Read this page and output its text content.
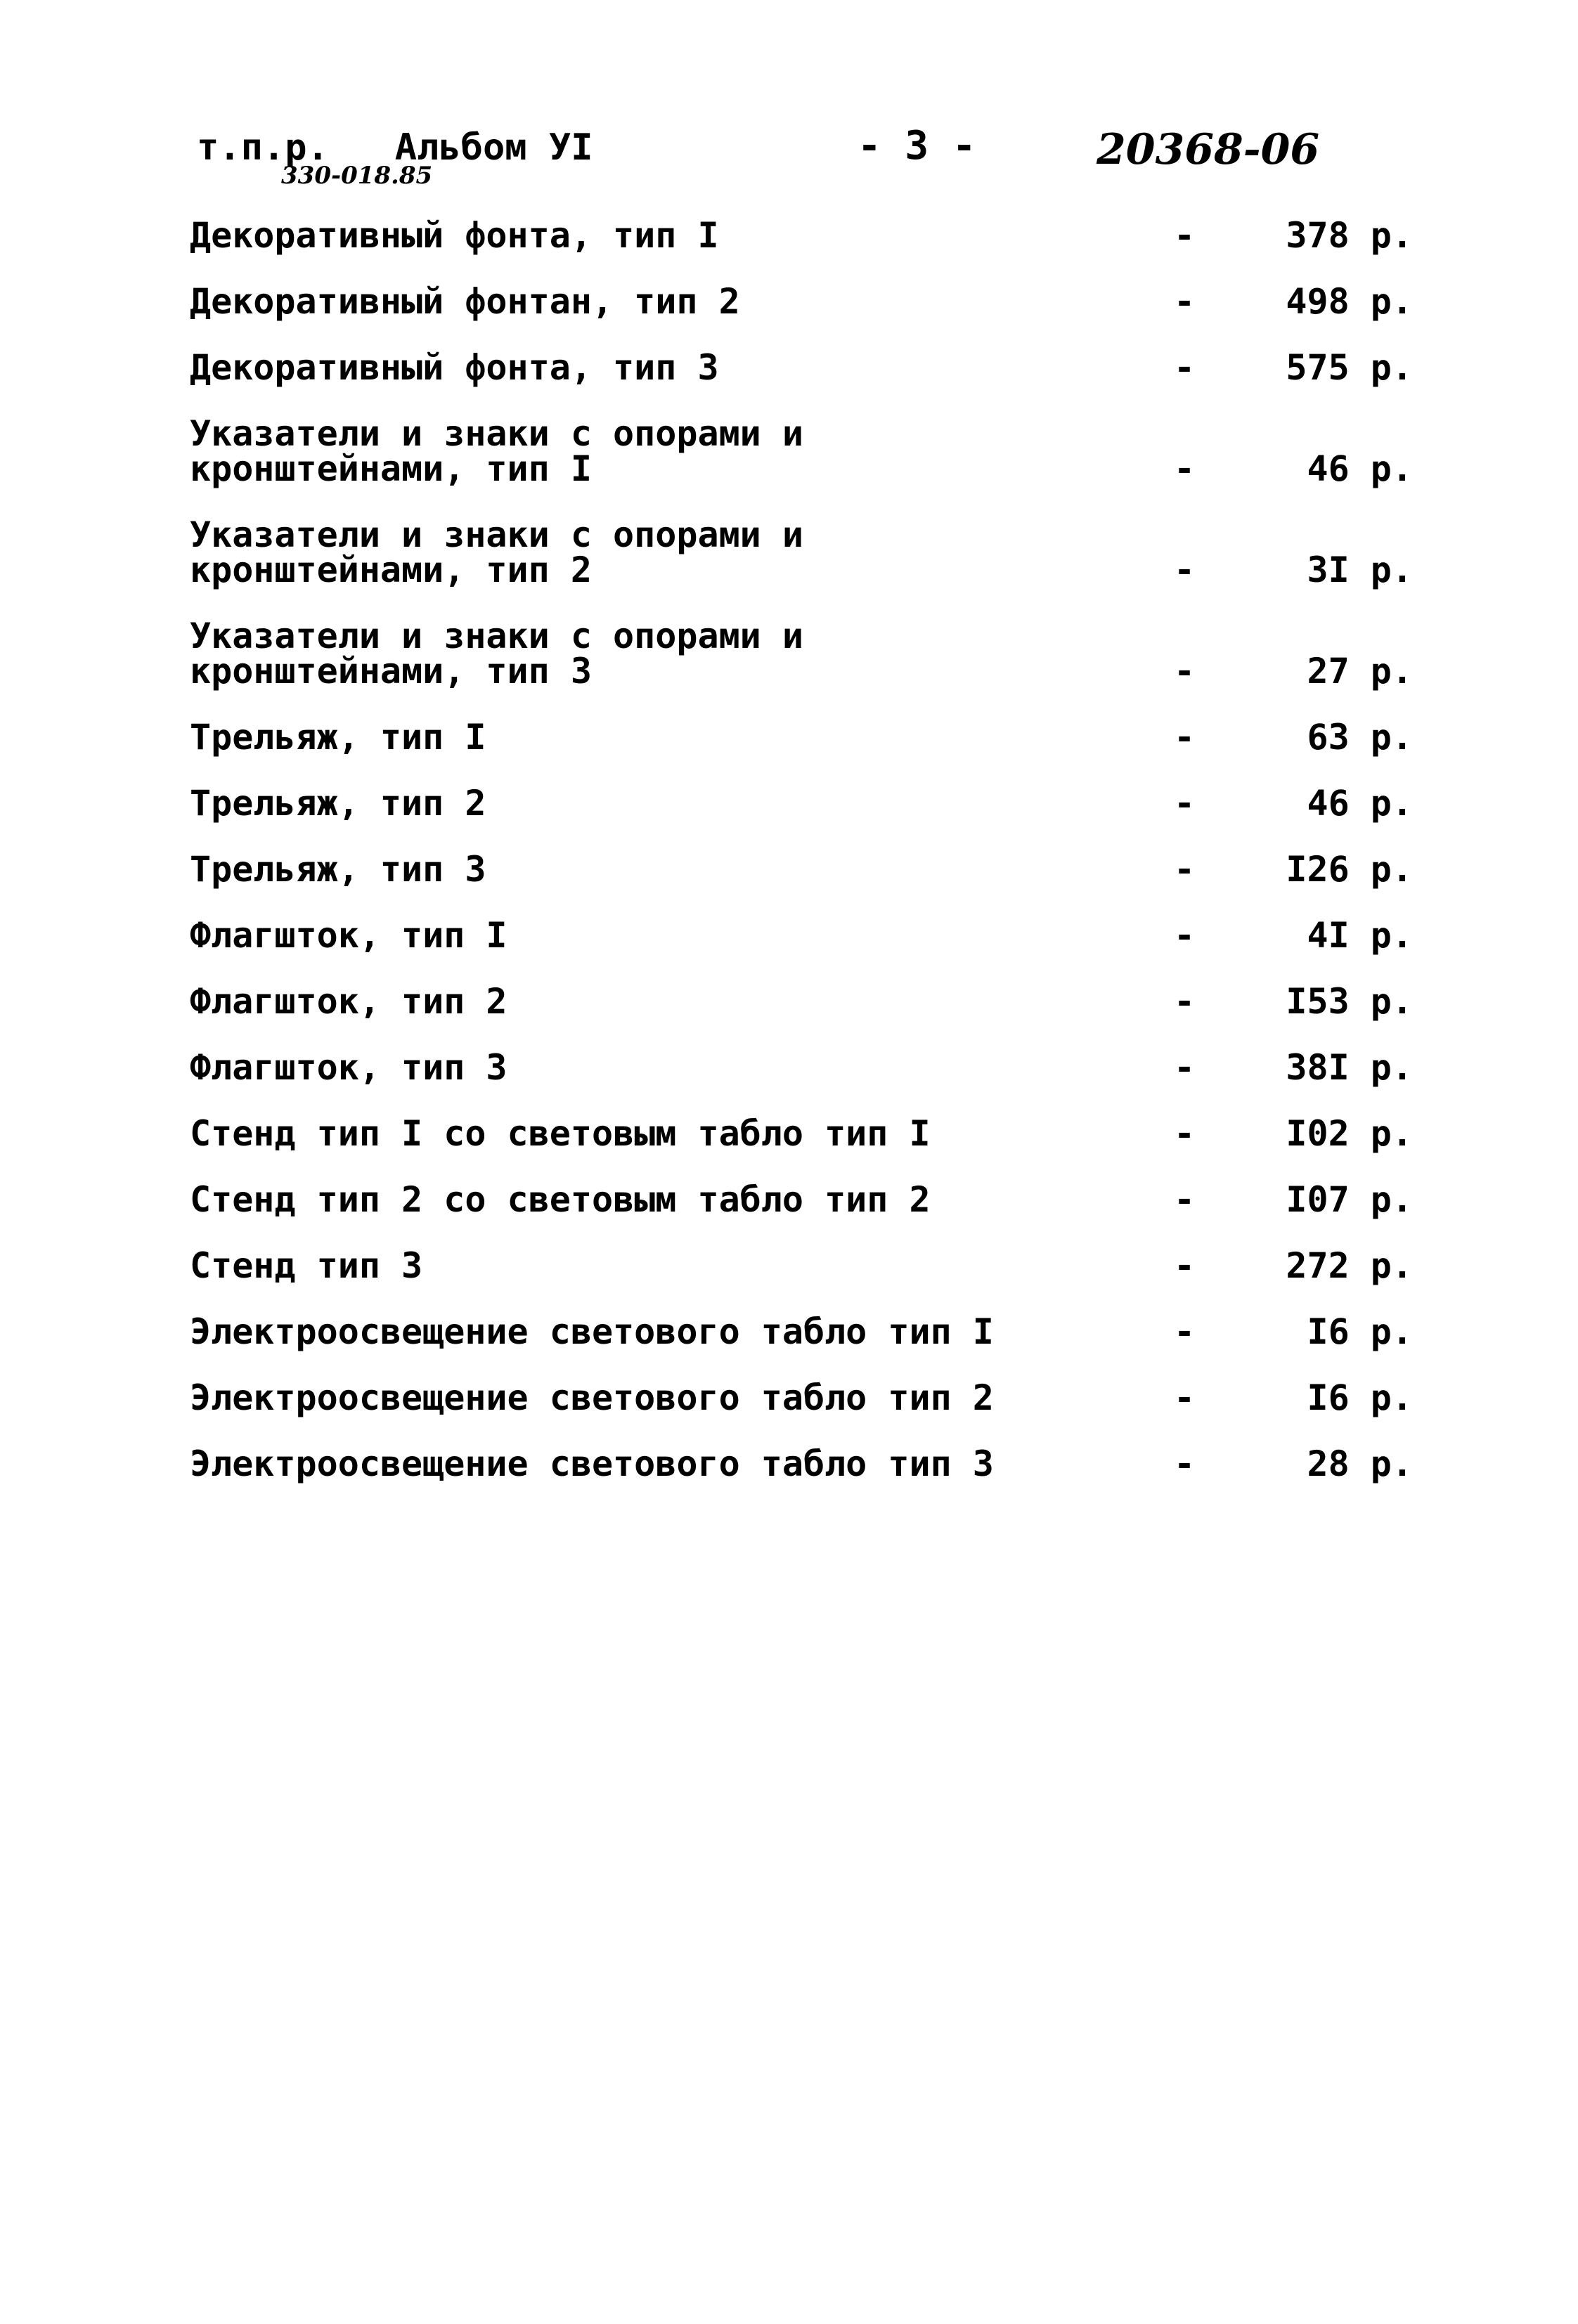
т.п.р. Альбом УI
330-018.85
- 3 -	20368-06
Декоративный фонта, тип I	-	378 р.
Декоративный фонтан, тип 2	-	498 р.
Декоративный фонта, тип 3	-	575 р.
Указатели и знаки с опорами и
кронштейнами, тип I	-	46 р.
Указатели и знаки с опорами и
кронштейнами, тип 2	-	3I р.
Указатели и знаки с опорами и
кронштейнами, тип 3	-	27 р.
Трельяж, тип I	-	63 р.
Трельяж, тип 2	-	46 р.
Трельяж, тип 3	-	I26 р.
Флагшток, тип I	-	4I р.
Флагшток, тип 2	-	I53 р.
Флагшток, тип 3	-	38I р.
Стенд тип I со световым табло тип I	-	I02 р.
Стенд тип 2 со световым табло тип 2	-	I07 р.
Стенд тип 3	-	272 р.
Электроосвещение светового табло тип I	-	I6 р.
Электроосвещение светового табло тип 2	-	I6 р.
Электроосвещение светового табло тип 3	-	28 р.
